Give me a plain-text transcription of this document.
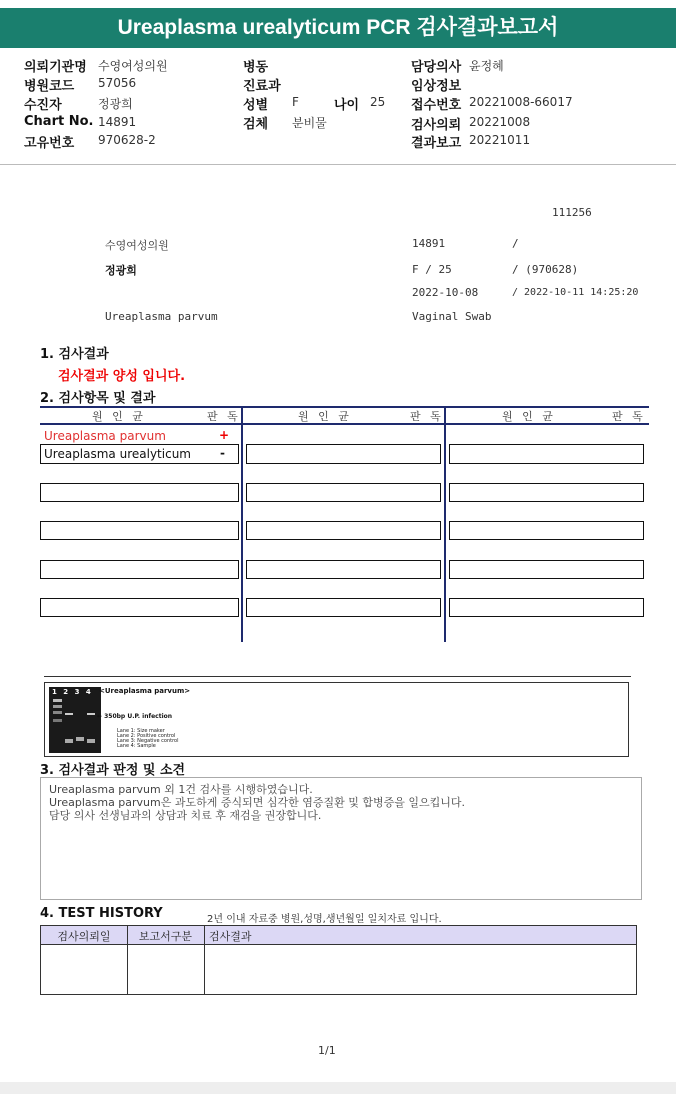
Ureaplasma urealyticum PCR 검사결과보고서
의뢰기관명 수영여성의원
병원코드 57056
수진자	정광희
Chart No. 14891
고유번호 970628-2
병동
진료과
성별 F	나이 25
검체 분비물
담당의사 윤정혜
임상정보
접수번호 20221008-66017
검사의뢰 20221008
결과보고 20221011
111256
수영여성의원	14891	/
정광희	F / 25	/ (970628)
2022-10-08	/ 2022-10-11 14:25:20
Ureaplasma parvum	Vaginal Swab
1. 검사결과
검사결과 양성 입니다.
2. 검사항목 및 결과
원 인 균	판 독	원 인 균	판 독	원 인 균	판 독
Ureaplasma parvum	+
Ureaplasma urealyticum -
1 2 3 4 <Ureaplasma parvum>
← 350bp U.P. infection
Lane 1: Size maker
Lane 2: Positive control
Lane 3: Negative control
Lane 4: Sample
3. 검사결과 판정 및 소견
Ureaplasma parvum 외 1건 검사를 시행하였습니다.
Ureaplasma parvum은 과도하게 증식되면 심각한 염증질환 및 합병증을 일으킵니다.
담당 의사 선생님과의 상담과 치료 후 재검을 권장합니다.
4. TEST HISTORY	2년 이내 자료중 병원,성명,생년월일 일치자료 입니다.
검사의뢰일	보고서구분	검사결과
1/1
